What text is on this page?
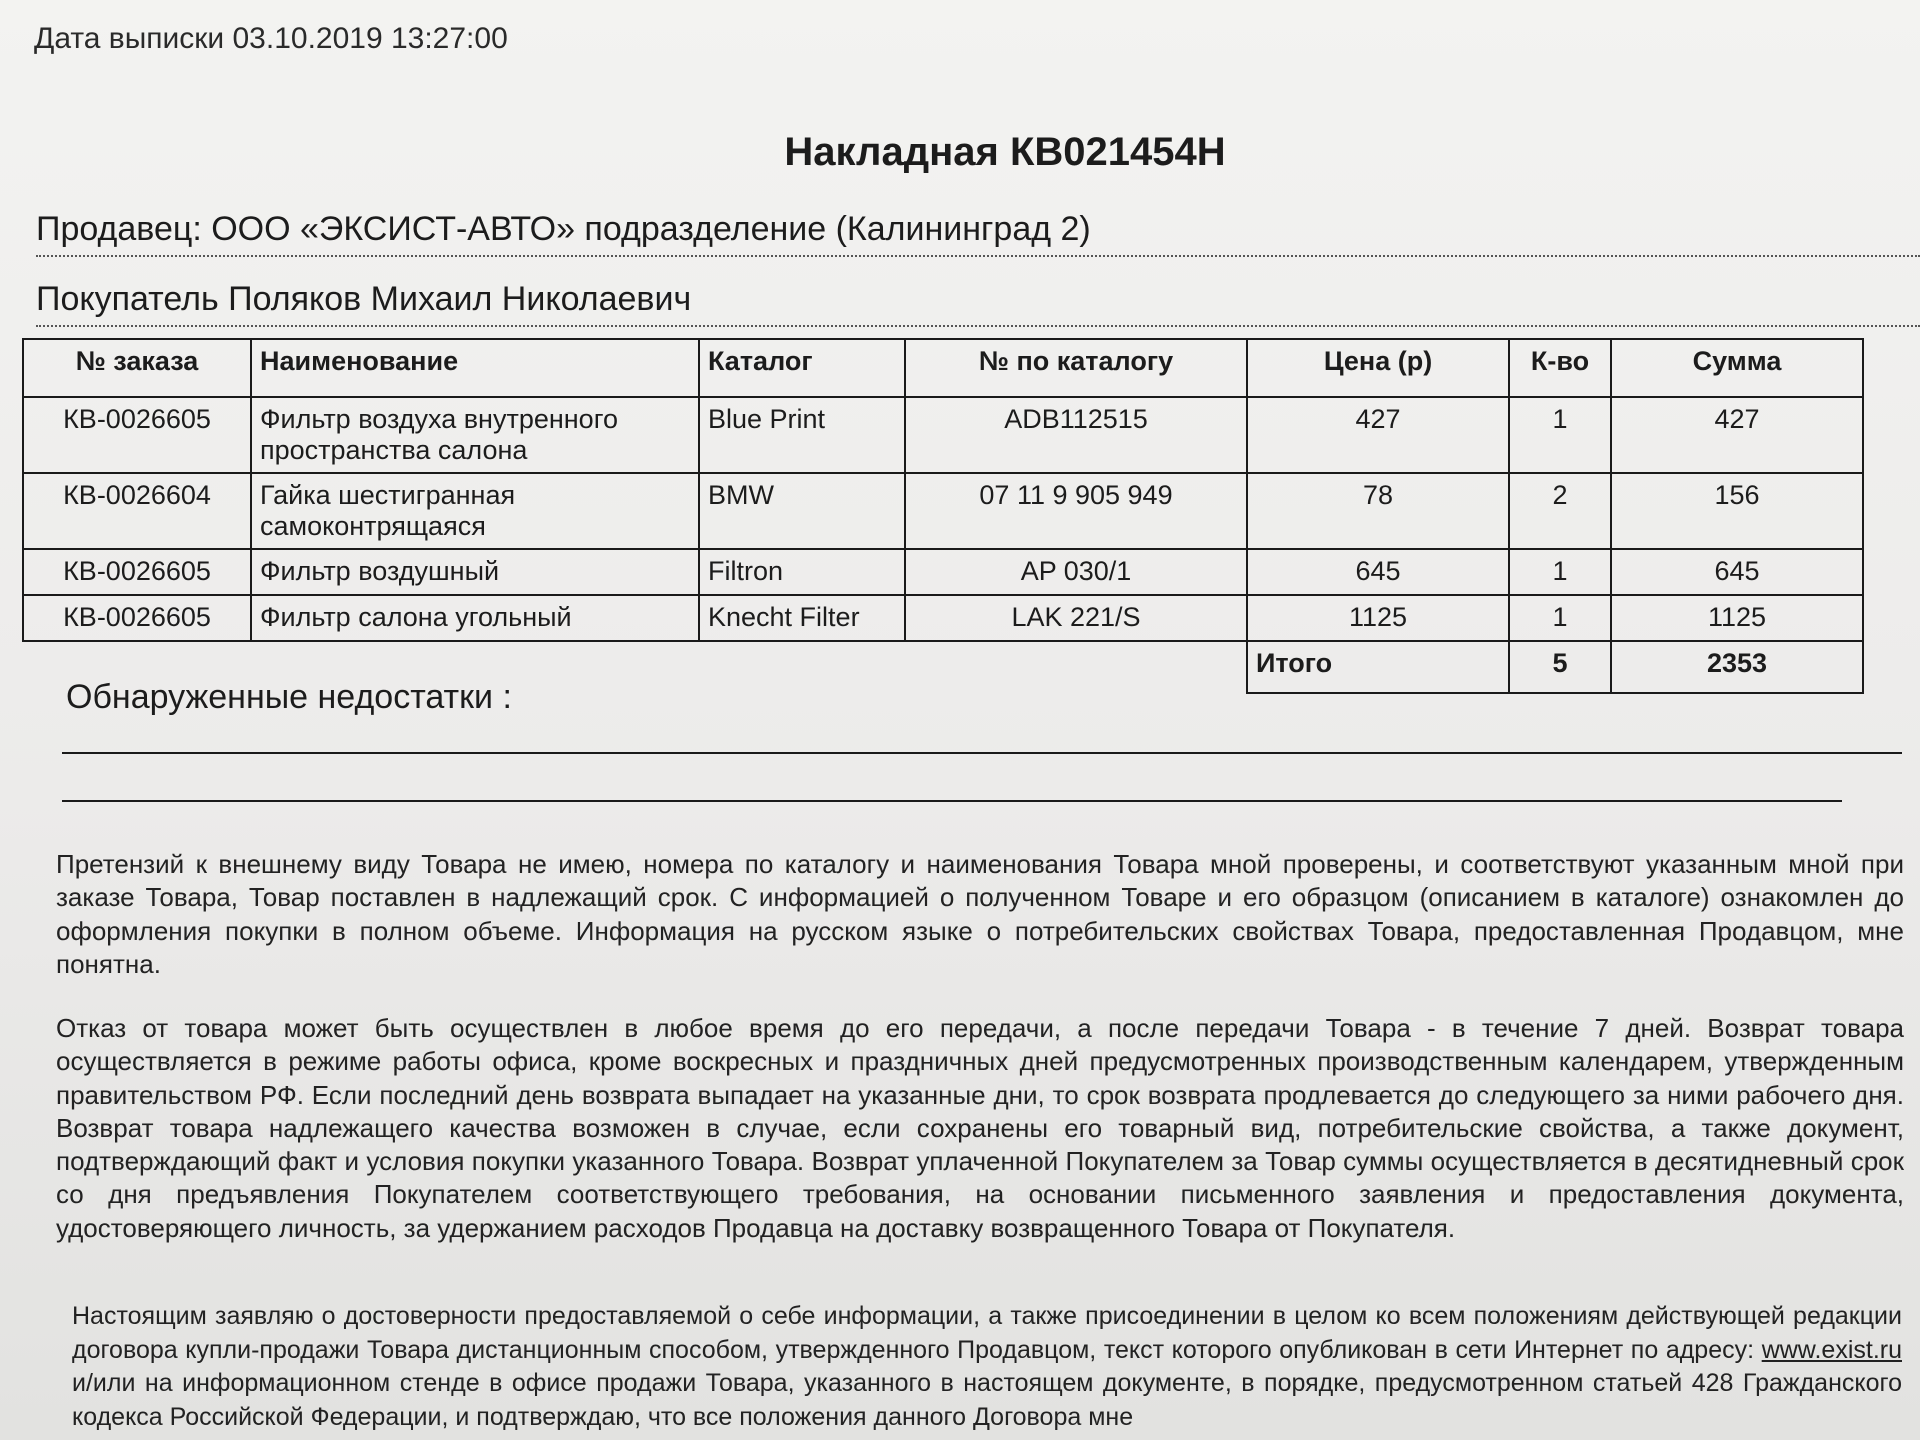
Дата выписки 03.10.2019 13:27:00
Накладная КВ021454Н
Продавец: ООО «ЭКСИСТ-АВТО» подразделение (Калининград 2)
Покупатель Поляков Михаил Николаевич
№ заказа	Наименование	Каталог	№ по каталогу	Цена (р)	К-во	Сумма
КВ-0026605	Фильтр воздуха внутренного пространства салона	Blue Print	ADB112515	427	1	427
КВ-0026604	Гайка шестигранная самоконтрящаяся	BMW	07 11 9 905 949	78	2	156
КВ-0026605	Фильтр воздушный	Filtron	AP 030/1	645	1	645
КВ-0026605	Фильтр салона угольный	Knecht Filter	LAK 221/S	1125	1	1125
				Итого	5	2353
Обнаруженные недостатки :
Претензий к внешнему виду Товара не имею, номера по каталогу и наименования Товара мной проверены, и соответствуют указанным мной при заказе Товара, Товар поставлен в надлежащий срок. С информацией о полученном Товаре и его образцом (описанием в каталоге) ознакомлен до оформления покупки в полном объеме. Информация на русском языке о потребительских свойствах Товара, предоставленная Продавцом, мне понятна.
Отказ от товара может быть осуществлен в любое время до его передачи, а после передачи Товара - в течение 7 дней. Возврат товара осуществляется в режиме работы офиса, кроме воскресных и праздничных дней предусмотренных производственным календарем, утвержденным правительством РФ. Если последний день возврата выпадает на указанные дни, то срок возврата продлевается до следующего за ними рабочего дня. Возврат товара надлежащего качества возможен в случае, если сохранены его товарный вид, потребительские свойства, а также документ, подтверждающий факт и условия покупки указанного Товара. Возврат уплаченной Покупателем за Товар суммы осуществляется в десятидневный срок со дня предъявления Покупателем соответствующего требования, на основании письменного заявления и предоставления документа, удостоверяющего личность, за удержанием расходов Продавца на доставку возвращенного Товара от Покупателя.
Настоящим заявляю о достоверности предоставляемой о себе информации, а также присоединении в целом ко всем положениям действующей редакции договора купли-продажи Товара дистанционным способом, утвержденного Продавцом, текст которого опубликован в сети Интернет по адресу: www.exist.ru и/или на информационном стенде в офисе продажи Товара, указанного в настоящем документе, в порядке, предусмотренном статьей 428 Гражданского кодекса Российской Федерации, и подтверждаю, что все положения данного Договора мне
